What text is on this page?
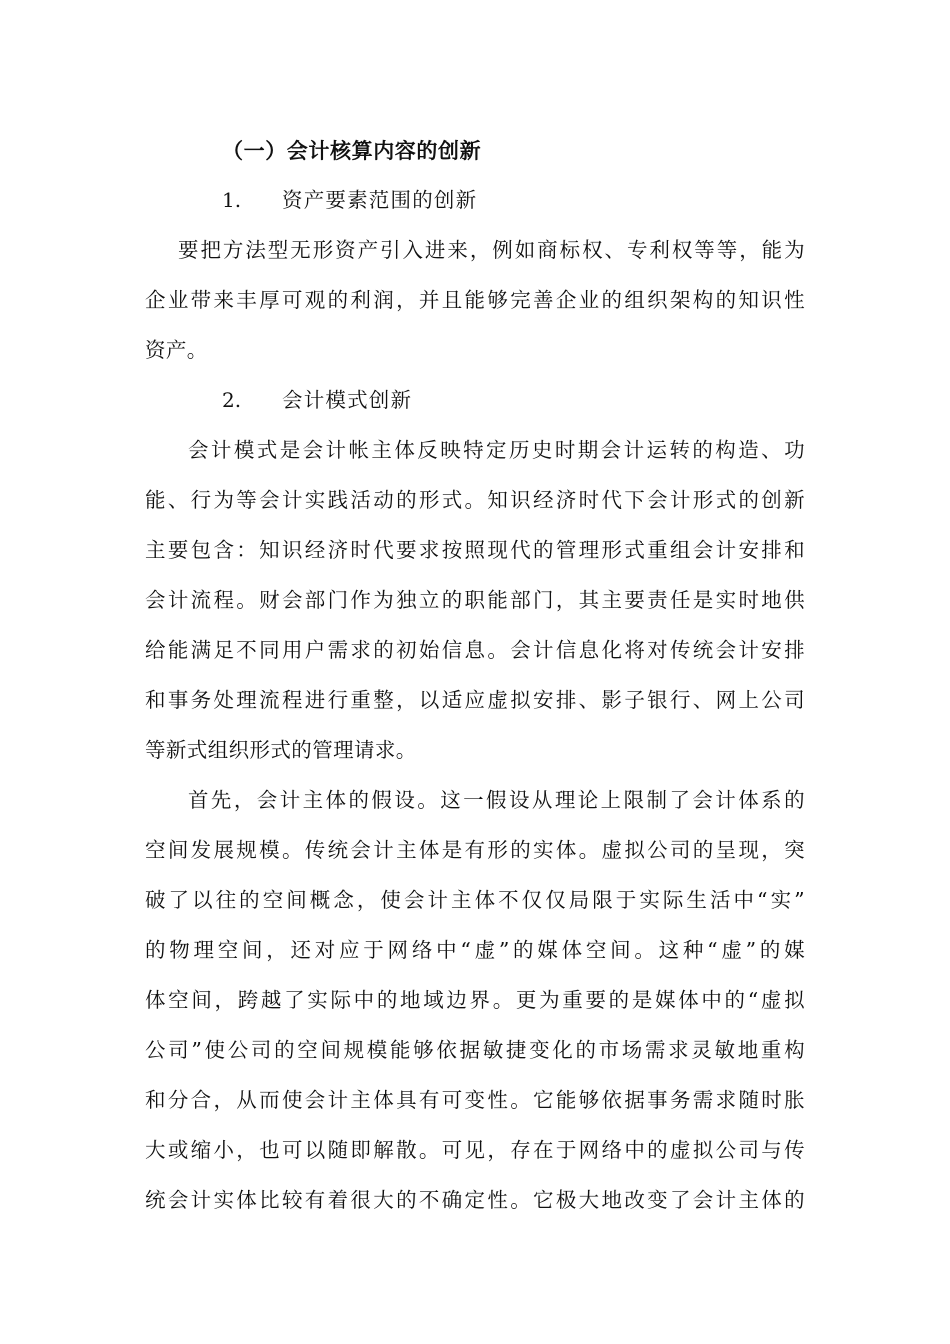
（一）会计核算内容的创新
1. 资产要素范围的创新
要把方法型无形资产引入进来，例如商标权、专利权等等，能为
企业带来丰厚可观的利润，并且能够完善企业的组织架构的知识性
资产。
2. 会计模式创新
会计模式是会计帐主体反映特定历史时期会计运转的构造、功
能、行为等会计实践活动的形式。知识经济时代下会计形式的创新
主要包含：知识经济时代要求按照现代的管理形式重组会计安排和
会计流程。财会部门作为独立的职能部门，其主要责任是实时地供
给能满足不同用户需求的初始信息。会计信息化将对传统会计安排
和事务处理流程进行重整，以适应虚拟安排、影子银行、网上公司
等新式组织形式的管理请求。
首先，会计主体的假设。这一假设从理论上限制了会计体系的
空间发展规模。传统会计主体是有形的实体。虚拟公司的呈现，突
破了以往的空间概念，使会计主体不仅仅局限于实际生活中“实”
的物理空间，还对应于网络中“虚”的媒体空间。这种“虚”的媒
体空间，跨越了实际中的地域边界。更为重要的是媒体中的“虚拟
公司”使公司的空间规模能够依据敏捷变化的市场需求灵敏地重构
和分合，从而使会计主体具有可变性。它能够依据事务需求随时胀
大或缩小，也可以随即解散。可见，存在于网络中的虚拟公司与传
统会计实体比较有着很大的不确定性。它极大地改变了会计主体的
